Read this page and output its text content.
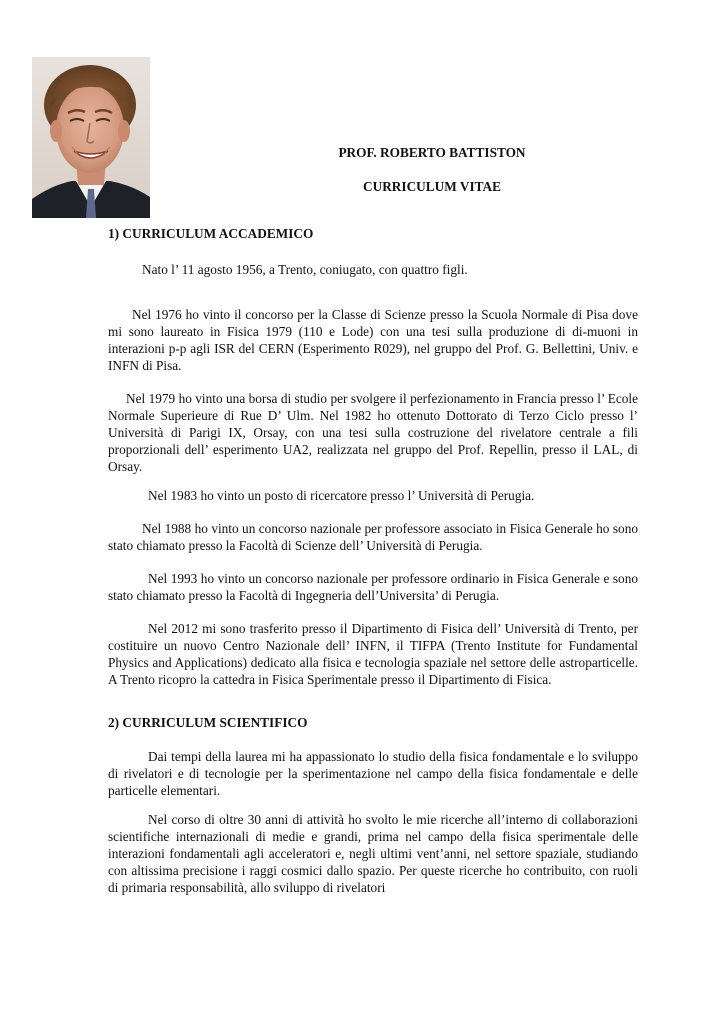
PROF. ROBERTO BATTISTON
CURRICULUM VITAE
1) CURRICULUM ACCADEMICO

Nato l’ 11 agosto 1956, a Trento, coniugato, con quattro figli.

Nel 1976 ho vinto il concorso per la Classe di Scienze presso la Scuola Normale di Pisa dove mi sono laureato in Fisica 1979 (110 e Lode) con una tesi sulla produzione di di-muoni in interazioni p-p agli ISR del CERN (Esperimento R029), nel gruppo del Prof. G. Bellettini, Univ. e INFN di Pisa.

Nel 1979 ho vinto una borsa di studio per svolgere il perfezionamento in Francia presso l’ Ecole Normale Superieure di Rue D’ Ulm. Nel 1982 ho ottenuto Dottorato di Terzo Ciclo presso l’ Università di Parigi IX, Orsay, con una tesi sulla costruzione del rivelatore centrale a fili proporzionali dell’ esperimento UA2, realizzata nel gruppo del Prof. Repellin, presso il LAL, di Orsay.

Nel 1983 ho vinto un posto di ricercatore presso l’ Università di Perugia.

Nel 1988 ho vinto un concorso nazionale per professore associato in Fisica Generale ho sono stato chiamato presso la Facoltà di Scienze dell’ Università di Perugia.

Nel 1993 ho vinto un concorso nazionale per professore ordinario in Fisica Generale e sono stato chiamato presso la Facoltà di Ingegneria dell’Universita’ di Perugia.

Nel 2012 mi sono trasferito presso il Dipartimento di Fisica dell’ Università di Trento, per costituire un nuovo Centro Nazionale dell’ INFN, il TIFPA (Trento Institute for Fundamental Physics and Applications) dedicato alla fisica e tecnologia spaziale nel settore delle astroparticelle. A Trento ricopro la cattedra in Fisica Sperimentale presso il Dipartimento di Fisica.

2) CURRICULUM SCIENTIFICO

Dai tempi della laurea mi ha appassionato lo studio della fisica fondamentale e lo sviluppo di rivelatori e di tecnologie per la sperimentazione nel campo della fisica fondamentale e delle particelle elementari.

Nel corso di oltre 30 anni di attività ho svolto le mie ricerche all’interno di collaborazioni scientifiche internazionali di medie e grandi, prima nel campo della fisica sperimentale delle interazioni fondamentali agli acceleratori e, negli ultimi vent’anni, nel settore spaziale, studiando con altissima precisione i raggi cosmici dallo spazio. Per queste ricerche ho contribuito, con ruoli di primaria responsabilità, allo sviluppo di rivelatori
